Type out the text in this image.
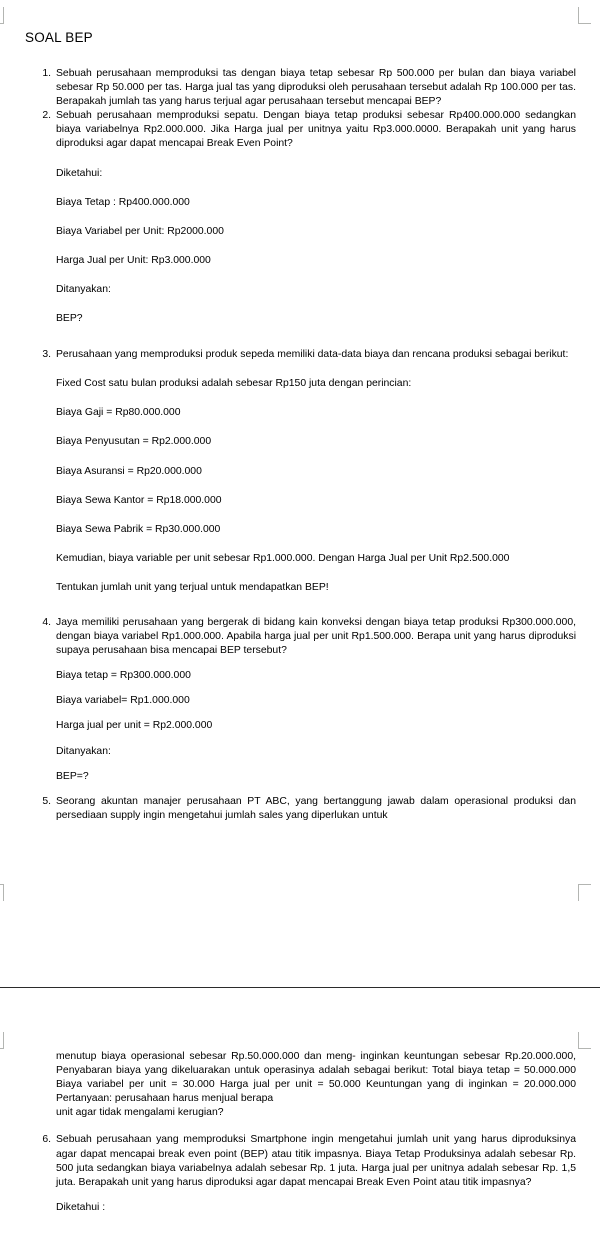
SOAL BEP
1. Sebuah perusahaan memproduksi tas dengan biaya tetap sebesar Rp 500.000 per bulan dan biaya variabel sebesar Rp 50.000 per tas. Harga jual tas yang diproduksi oleh perusahaan tersebut adalah Rp 100.000 per tas. Berapakah jumlah tas yang harus terjual agar perusahaan tersebut mencapai BEP?
2. Sebuah perusahaan memproduksi sepatu. Dengan biaya tetap produksi sebesar Rp400.000.000 sedangkan biaya variabelnya Rp2.000.000. Jika Harga jual per unitnya yaitu Rp3.000.0000. Berapakah unit yang harus diproduksi agar dapat mencapai Break Even Point?
Diketahui:
Biaya Tetap : Rp400.000.000
Biaya Variabel per Unit: Rp2000.000
Harga Jual per Unit: Rp3.000.000
Ditanyakan:
BEP?
3. Perusahaan yang memproduksi produk sepeda memiliki data-data biaya dan rencana produksi sebagai berikut:
Fixed Cost satu bulan produksi adalah sebesar Rp150 juta dengan perincian:
Biaya Gaji = Rp80.000.000
Biaya Penyusutan = Rp2.000.000
Biaya Asuransi = Rp20.000.000
Biaya Sewa Kantor = Rp18.000.000
Biaya Sewa Pabrik = Rp30.000.000
Kemudian, biaya variable per unit sebesar Rp1.000.000. Dengan Harga Jual per Unit Rp2.500.000
Tentukan jumlah unit yang terjual untuk mendapatkan BEP!
4. Jaya memiliki perusahaan yang bergerak di bidang kain konveksi dengan biaya tetap produksi Rp300.000.000, dengan biaya variabel Rp1.000.000. Apabila harga jual per unit Rp1.500.000. Berapa unit yang harus diproduksi supaya perusahaan bisa mencapai BEP tersebut?
Biaya tetap = Rp300.000.000
Biaya variabel= Rp1.000.000
Harga jual per unit = Rp2.000.000
Ditanyakan:
BEP=?
5. Seorang akuntan manajer perusahaan PT ABC, yang bertanggung jawab dalam operasional produksi dan persediaan supply ingin mengetahui jumlah sales yang diperlukan untuk
menutup biaya operasional sebesar Rp.50.000.000 dan meng- inginkan keuntungan sebesar Rp.20.000.000, Penyabaran biaya yang dikeluarakan untuk operasinya adalah sebagai berikut: Total biaya tetap = 50.000.000 Biaya variabel per unit = 30.000 Harga jual per unit = 50.000 Keuntungan yang di inginkan = 20.000.000 Pertanyaan: perusahaan harus menjual berapa
unit agar tidak mengalami kerugian?
6. Sebuah perusahaan yang memproduksi Smartphone ingin mengetahui jumlah unit yang harus diproduksinya agar dapat mencapai break even point (BEP) atau titik impasnya. Biaya Tetap Produksinya adalah sebesar Rp. 500 juta sedangkan biaya variabelnya adalah sebesar Rp. 1 juta. Harga jual per unitnya adalah sebesar Rp. 1,5 juta. Berapakah unit yang harus diproduksi agar dapat mencapai Break Even Point atau titik impasnya?
Diketahui :
